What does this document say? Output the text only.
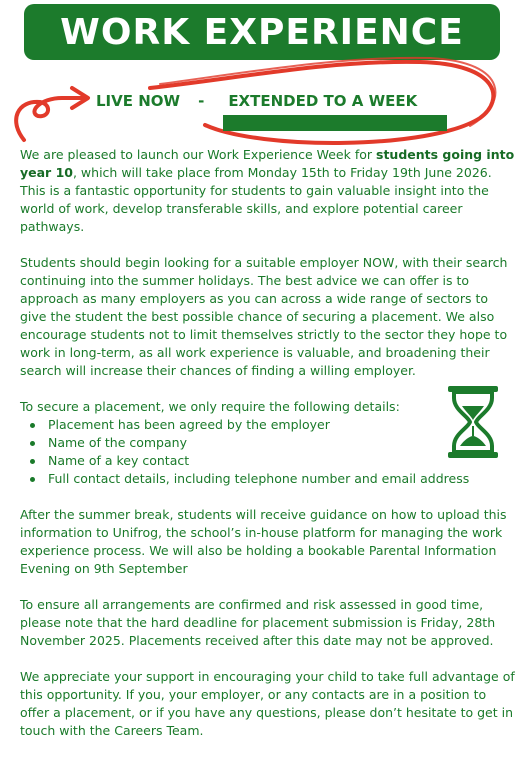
WORK EXPERIENCE
LIVE NOW - EXTENDED TO A WEEK

We are pleased to launch our Work Experience Week for students going into year 10, which will take place from Monday 15th to Friday 19th June 2026. This is a fantastic opportunity for students to gain valuable insight into the world of work, develop transferable skills, and explore potential career pathways.

Students should begin looking for a suitable employer NOW, with their search continuing into the summer holidays. The best advice we can offer is to approach as many employers as you can across a wide range of sectors to give the student the best possible chance of securing a placement. We also encourage students not to limit themselves strictly to the sector they hope to work in long-term, as all work experience is valuable, and broadening their search will increase their chances of finding a willing employer.

To secure a placement, we only require the following details:
Placement has been agreed by the employer
Name of the company
Name of a key contact
Full contact details, including telephone number and email address

After the summer break, students will receive guidance on how to upload this information to Unifrog, the school’s in-house platform for managing the work experience process. We will also be holding a bookable Parental Information Evening on 9th September

To ensure all arrangements are confirmed and risk assessed in good time, please note that the hard deadline for placement submission is Friday, 28th November 2025. Placements received after this date may not be approved.

We appreciate your support in encouraging your child to take full advantage of this opportunity. If you, your employer, or any contacts are in a position to offer a placement, or if you have any questions, please don’t hesitate to get in touch with the Careers Team.
